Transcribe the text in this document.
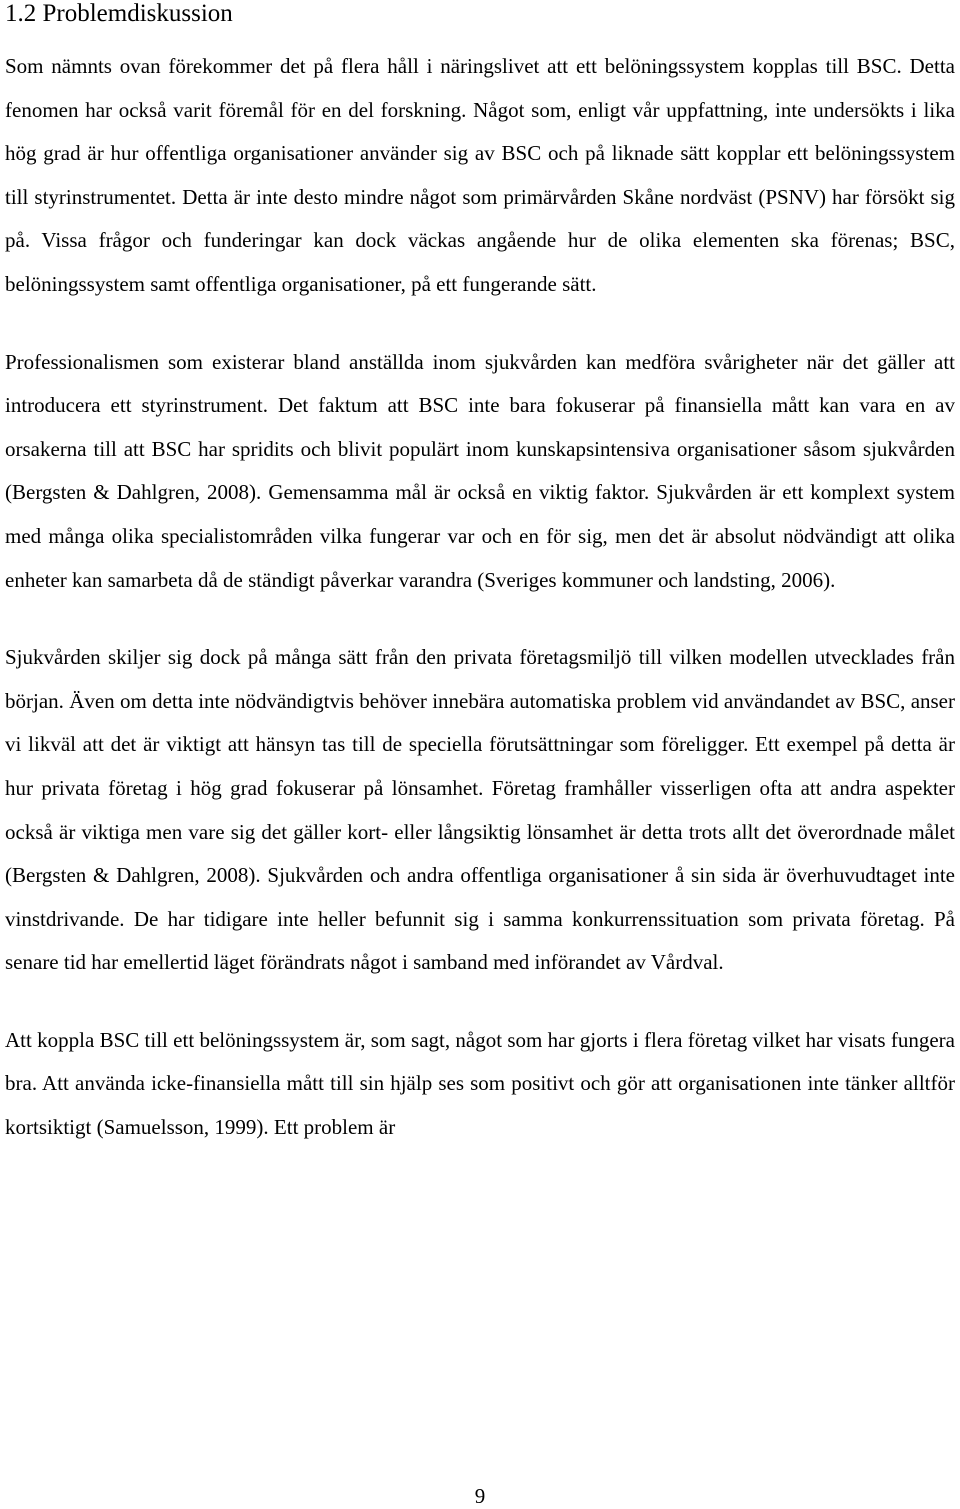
1.2 Problemdiskussion

Som nämnts ovan förekommer det på flera håll i näringslivet att ett belöningssystem kopplas till BSC. Detta fenomen har också varit föremål för en del forskning. Något som, enligt vår uppfattning, inte undersökts i lika hög grad är hur offentliga organisationer använder sig av BSC och på liknade sätt kopplar ett belöningssystem till styrinstrumentet. Detta är inte desto mindre något som primärvården Skåne nordväst (PSNV) har försökt sig på. Vissa frågor och funderingar kan dock väckas angående hur de olika elementen ska förenas; BSC, belöningssystem samt offentliga organisationer, på ett fungerande sätt.

Professionalismen som existerar bland anställda inom sjukvården kan medföra svårigheter när det gäller att introducera ett styrinstrument. Det faktum att BSC inte bara fokuserar på finansiella mått kan vara en av orsakerna till att BSC har spridits och blivit populärt inom kunskapsintensiva organisationer såsom sjukvården (Bergsten & Dahlgren, 2008). Gemensamma mål är också en viktig faktor. Sjukvården är ett komplext system med många olika specialistområden vilka fungerar var och en för sig, men det är absolut nödvändigt att olika enheter kan samarbeta då de ständigt påverkar varandra (Sveriges kommuner och landsting, 2006).

Sjukvården skiljer sig dock på många sätt från den privata företagsmiljö till vilken modellen utvecklades från början. Även om detta inte nödvändigtvis behöver innebära automatiska problem vid användandet av BSC, anser vi likväl att det är viktigt att hänsyn tas till de speciella förutsättningar som föreligger. Ett exempel på detta är hur privata företag i hög grad fokuserar på lönsamhet. Företag framhåller visserligen ofta att andra aspekter också är viktiga men vare sig det gäller kort- eller långsiktig lönsamhet är detta trots allt det överordnade målet (Bergsten & Dahlgren, 2008). Sjukvården och andra offentliga organisationer å sin sida är överhuvudtaget inte vinstdrivande. De har tidigare inte heller befunnit sig i samma konkurrenssituation som privata företag. På senare tid har emellertid läget förändrats något i samband med införandet av Vårdval.

Att koppla BSC till ett belöningssystem är, som sagt, något som har gjorts i flera företag vilket har visats fungera bra. Att använda icke-finansiella mått till sin hjälp ses som positivt och gör att organisationen inte tänker alltför kortsiktigt (Samuelsson, 1999). Ett problem är

9
